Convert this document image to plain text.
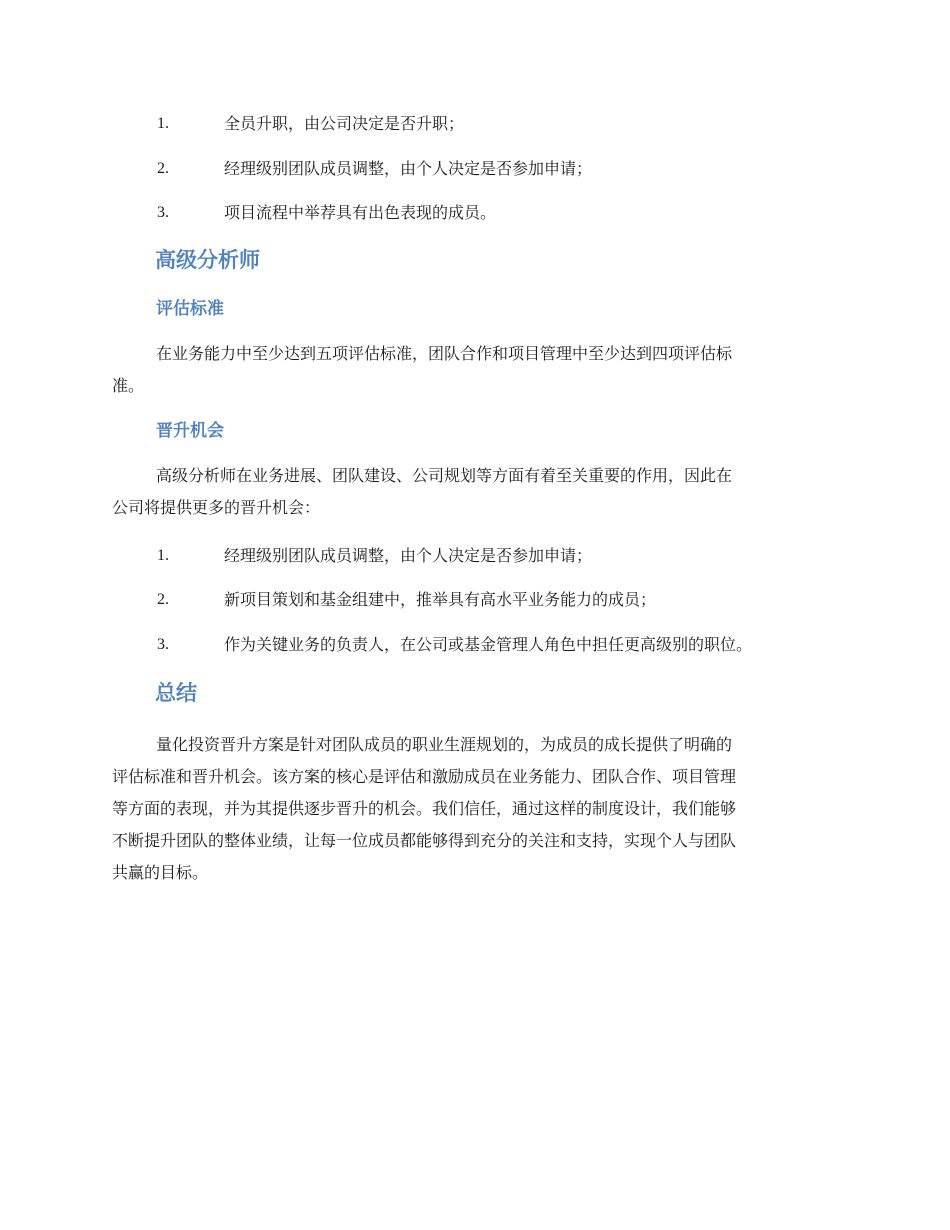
1.	全员升职，由公司决定是否升职；
2.	经理级别团队成员调整，由个人决定是否参加申请；
3.	项目流程中举荐具有出色表现的成员。
高级分析师
评估标准
在业务能力中至少达到五项评估标准，团队合作和项目管理中至少达到四项评估标
准。
晋升机会
高级分析师在业务进展、团队建设、公司规划等方面有着至关重要的作用，因此在
公司将提供更多的晋升机会：
1.	经理级别团队成员调整，由个人决定是否参加申请；
2.	新项目策划和基金组建中，推举具有高水平业务能力的成员；
3.	作为关键业务的负责人，在公司或基金管理人角色中担任更高级别的职位。
总结
量化投资晋升方案是针对团队成员的职业生涯规划的，为成员的成长提供了明确的
评估标准和晋升机会。该方案的核心是评估和激励成员在业务能力、团队合作、项目管理
等方面的表现，并为其提供逐步晋升的机会。我们信任，通过这样的制度设计，我们能够
不断提升团队的整体业绩，让每一位成员都能够得到充分的关注和支持，实现个人与团队
共赢的目标。
